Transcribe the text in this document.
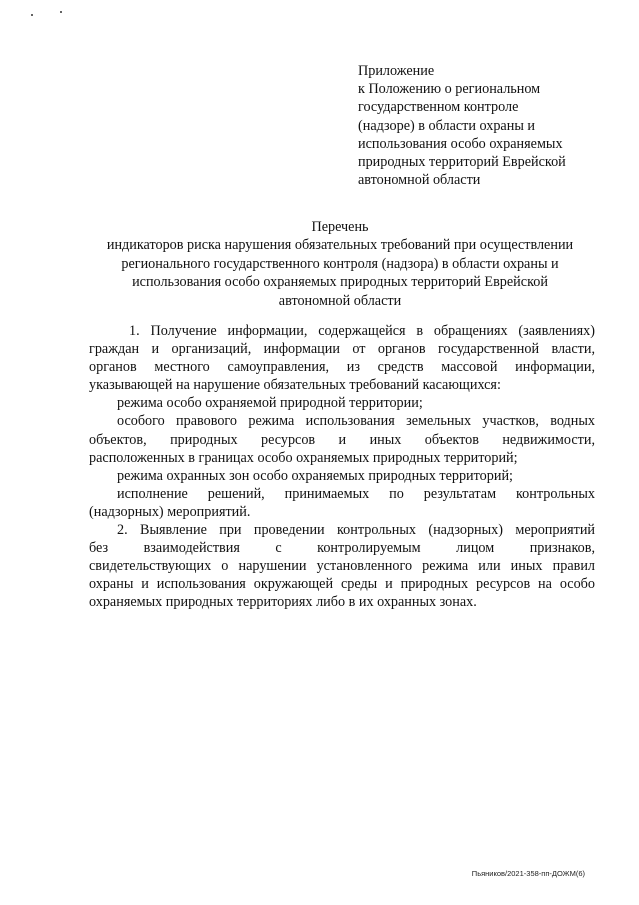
Приложение
к Положению о региональном
государственном контроле
(надзоре) в области охраны и
использования особо охраняемых
природных территорий Еврейской
автономной области
Перечень
индикаторов риска нарушения обязательных требований при осуществлении
регионального государственного контроля (надзора) в области охраны и
использования особо охраняемых природных территорий Еврейской
автономной области

1. Получение информации, содержащейся в обращениях (заявлениях)
граждан и организаций, информации от органов государственной власти,
органов местного самоуправления, из средств массовой информации,
указывающей на нарушение обязательных требований касающихся:

режима особо охраняемой природной территории;

особого правового режима использования земельных участков, водных
объектов, природных ресурсов и иных объектов недвижимости,
расположенных в границах особо охраняемых природных территорий;

режима охранных зон особо охраняемых природных территорий;

исполнение решений, принимаемых по результатам контрольных
(надзорных) мероприятий.

2. Выявление при проведении контрольных (надзорных) мероприятий
без взаимодействия с контролируемым лицом признаков,
свидетельствующих о нарушении установленного режима или иных правил
охраны и использования окружающей среды и природных ресурсов на особо
охраняемых природных территориях либо в их охранных зонах.

Пьяников/2021-358-пп-ДОЖМ(6)
